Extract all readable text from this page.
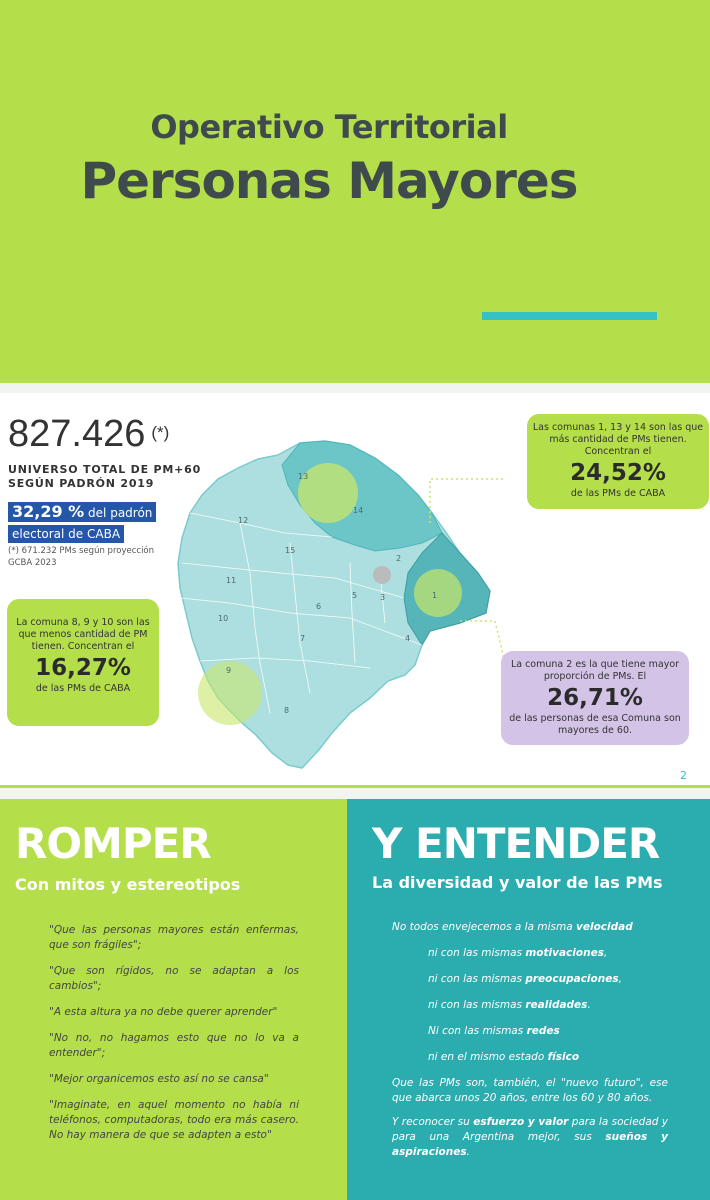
Operativo Territorial
Personas Mayores
827.426 (*)
UNIVERSO TOTAL DE PM+60
SEGÚN PADRÓN 2019
32,29 % del padrón
electoral de CABA
(*) 671.232 PMs según proyección GCBA 2023
13
14
2
1
15
12
11
6
5	3
10
7	4
9
8
Las comunas 1, 13 y 14 son las que más cantidad de PMs tienen. Concentran el
24,52%
de las PMs de CABA
La comuna 8, 9 y 10 son las que menos cantidad de PM tienen. Concentran el
16,27%
de las PMs de CABA
La comuna 2 es la que tiene mayor proporción de PMs. El
26,71%
de las personas de esa Comuna son mayores de 60.
2
ROMPER
Con mitos y estereotipos

"Que las personas mayores están enfermas, que son frágiles";

"Que son rígidos, no se adaptan a los cambios";

"A esta altura ya no debe querer aprender"

"No no, no hagamos esto que no lo va a entender";

"Mejor organicemos esto así no se cansa"

"Imaginate, en aquel momento no había ni teléfonos, computadoras, todo era más casero. No hay manera de que se adapten a esto"

Y ENTENDER
La diversidad y valor de las PMs
No todos envejecemos a la misma velocidad
ni con las mismas motivaciones,
ni con las mismas preocupaciones,
ni con las mismas realidades.
Ni con las mismas redes
ni en el mismo estado físico
Que las PMs son, también, el "nuevo futuro", ese que abarca unos 20 años, entre los 60 y 80 años.
Y reconocer su esfuerzo y valor para la sociedad y para una Argentina mejor, sus sueños y aspiraciones.
